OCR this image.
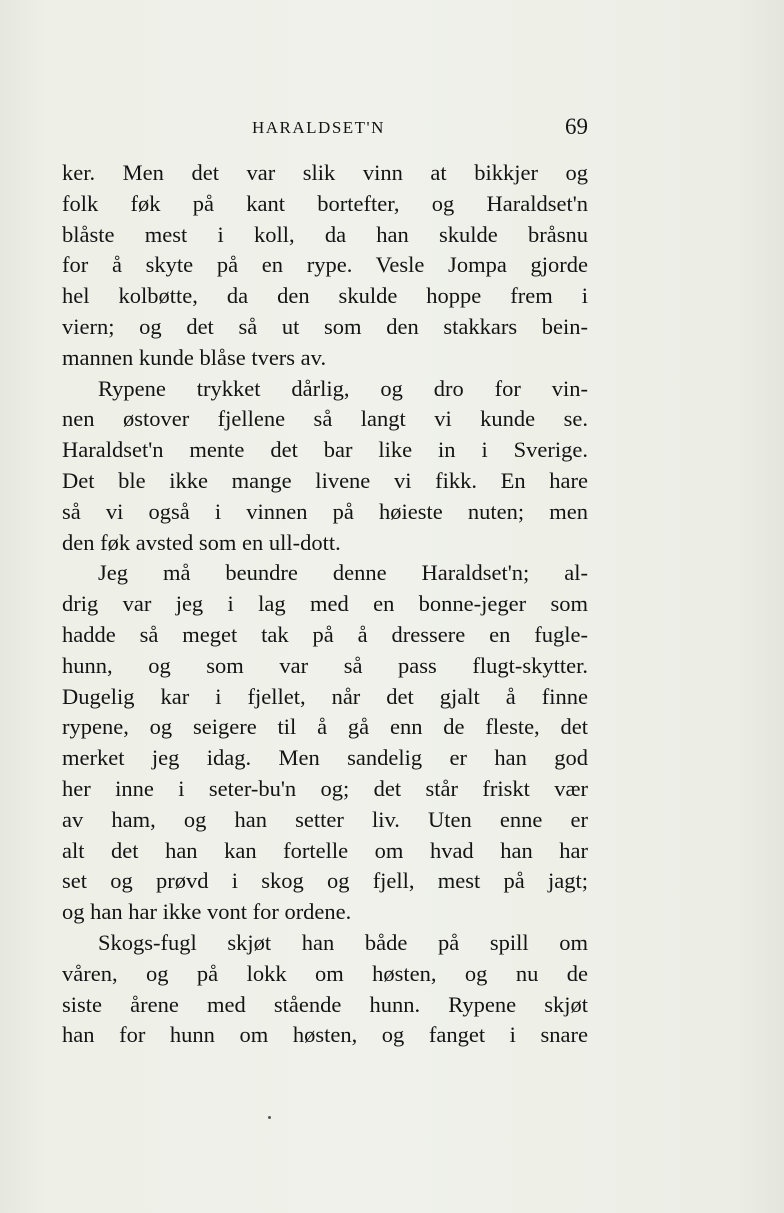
HARALDSET'N	69
ker. Men det var slik vinn at bikkjer og
folk føk på kant bortefter, og Haraldset'n
blåste mest i koll, da han skulde bråsnu
for å skyte på en rype. Vesle Jompa gjorde
hel kolbøtte, da den skulde hoppe frem i
viern; og det så ut som den stakkars bein-
mannen kunde blåse tvers av.
Rypene trykket dårlig, og dro for vin-
nen østover fjellene så langt vi kunde se.
Haraldset'n mente det bar like in i Sverige.
Det ble ikke mange livene vi fikk. En hare
så vi også i vinnen på høieste nuten; men
den føk avsted som en ull-dott.
Jeg må beundre denne Haraldset'n; al-
drig var jeg i lag med en bonne-jeger som
hadde så meget tak på å dressere en fugle-
hunn, og som var så pass flugt-skytter.
Dugelig kar i fjellet, når det gjalt å finne
rypene, og seigere til å gå enn de fleste, det
merket jeg idag. Men sandelig er han god
her inne i seter-bu'n og; det står friskt vær
av ham, og han setter liv. Uten enne er
alt det han kan fortelle om hvad han har
set og prøvd i skog og fjell, mest på jagt;
og han har ikke vont for ordene.
Skogs-fugl skjøt han både på spill om
våren, og på lokk om høsten, og nu de
siste årene med stående hunn. Rypene skjøt
han for hunn om høsten, og fanget i snare
